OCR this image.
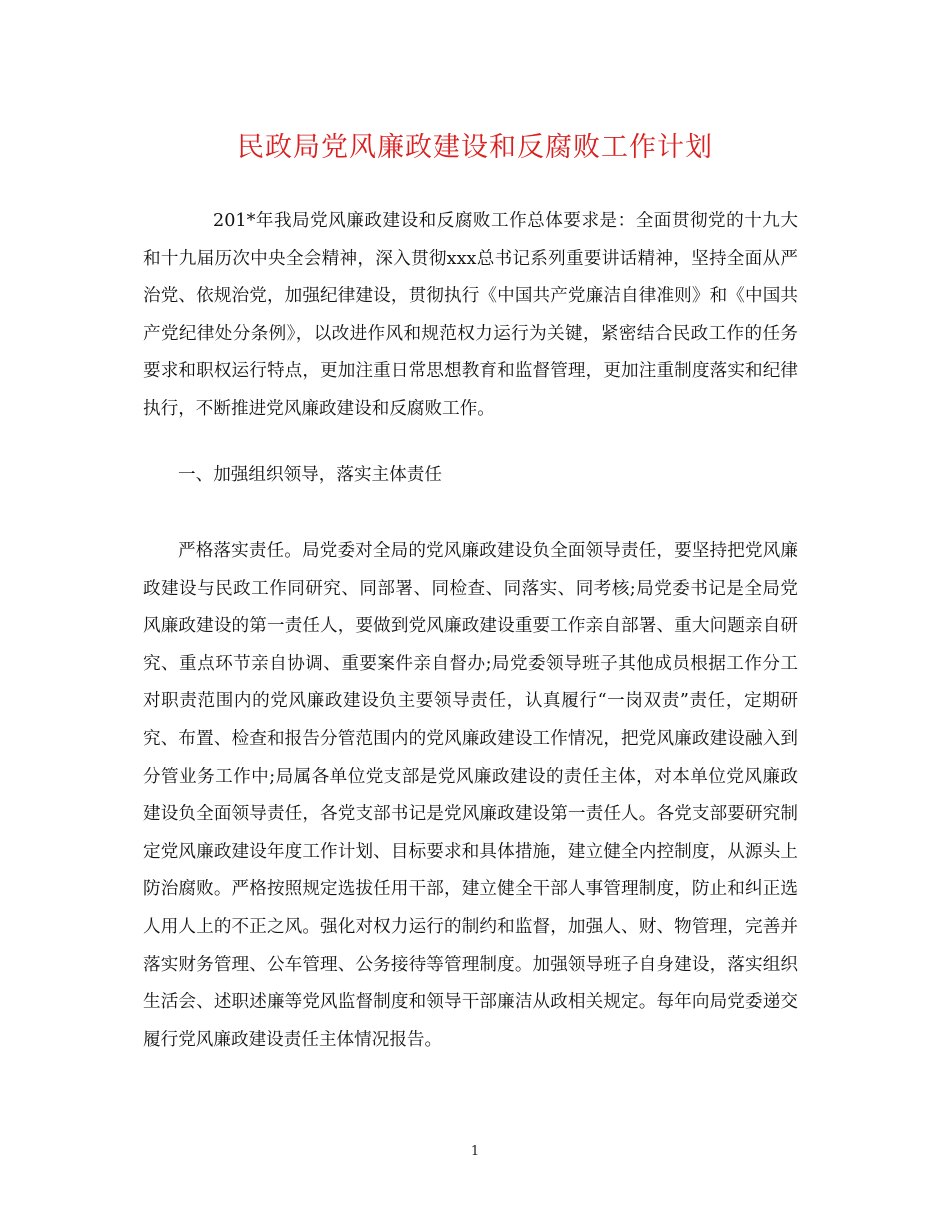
民政局党风廉政建设和反腐败工作计划

201*年我局党风廉政建设和反腐败工作总体要求是：全面贯彻党的十九大和十九届历次中央全会精神，深入贯彻xxx总书记系列重要讲话精神，坚持全面从严治党、依规治党，加强纪律建设，贯彻执行《中国共产党廉洁自律准则》和《中国共产党纪律处分条例》，以改进作风和规范权力运行为关键，紧密结合民政工作的任务要求和职权运行特点，更加注重日常思想教育和监督管理，更加注重制度落实和纪律执行，不断推进党风廉政建设和反腐败工作。

一、加强组织领导，落实主体责任

严格落实责任。局党委对全局的党风廉政建设负全面领导责任，要坚持把党风廉政建设与民政工作同研究、同部署、同检查、同落实、同考核;局党委书记是全局党风廉政建设的第一责任人，要做到党风廉政建设重要工作亲自部署、重大问题亲自研究、重点环节亲自协调、重要案件亲自督办;局党委领导班子其他成员根据工作分工对职责范围内的党风廉政建设负主要领导责任，认真履行“一岗双责”责任，定期研究、布置、检查和报告分管范围内的党风廉政建设工作情况，把党风廉政建设融入到分管业务工作中;局属各单位党支部是党风廉政建设的责任主体，对本单位党风廉政建设负全面领导责任，各党支部书记是党风廉政建设第一责任人。各党支部要研究制定党风廉政建设年度工作计划、目标要求和具体措施，建立健全内控制度，从源头上防治腐败。严格按照规定选拔任用干部，建立健全干部人事管理制度，防止和纠正选人用人上的不正之风。强化对权力运行的制约和监督，加强人、财、物管理，完善并落实财务管理、公车管理、公务接待等管理制度。加强领导班子自身建设，落实组织生活会、述职述廉等党风监督制度和领导干部廉洁从政相关规定。每年向局党委递交履行党风廉政建设责任主体情况报告。

1
